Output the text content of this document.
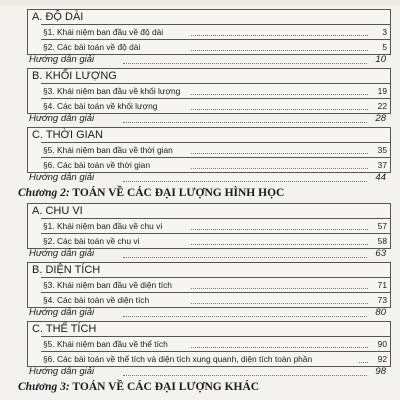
A. ĐỘ DÀI
§1. Khái niệm ban đầu về độ dài	3
§2. Các bài toán về độ dài	5
Hướng dẫn giải	10
B. KHỐI LƯỢNG
§3. Khái niệm ban đầu về khối lượng	19
§4. Các bài toán về khối lượng	22
Hướng dẫn giải	28
C. THỜI GIAN
§5. Khái niệm ban đầu về thời gian	35
§6. Các bài toán về thời gian	37
Hướng dẫn giải	44
Chương 2: TOÁN VỀ CÁC ĐẠI LƯỢNG HÌNH HỌC
A. CHU VI
§1. Khái niệm ban đầu về chu vi	57
§2. Các bài toán về chu vi	58
Hướng dẫn giải	63
B. DIỆN TÍCH
§3. Khái niệm ban đầu về diện tích	71
§4. Các bài toán về diện tích	73
Hướng dẫn giải	80
C. THỂ TÍCH
§5. Khái niệm ban đầu về thể tích	90
§6. Các bài toán về thể tích và diện tích xung quanh, diện tích toàn phần	92
Hướng dẫn giải	98
Chương 3: TOÁN VỀ CÁC ĐẠI LƯỢNG KHÁC
